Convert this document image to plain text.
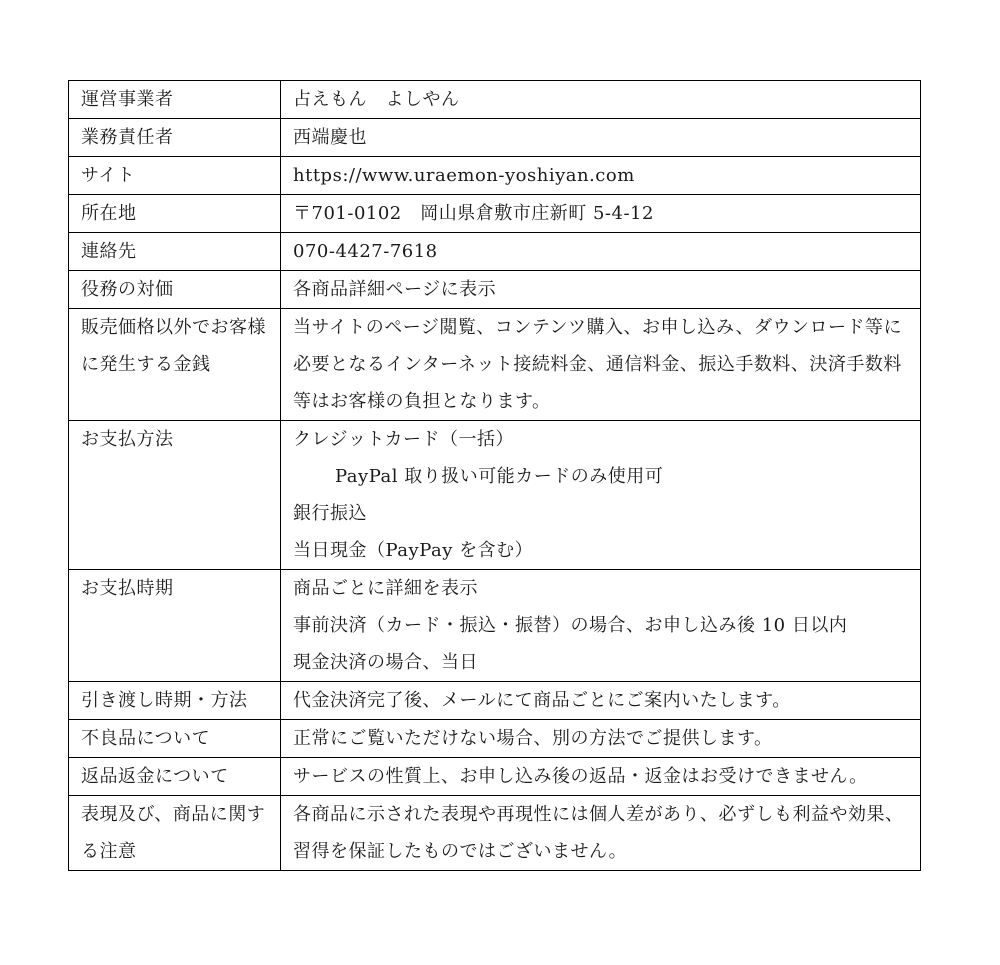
運営事業者	占えもん　よしやん

業務責任者	西端慶也

サイト	https://www.uraemon-yoshiyan.com

所在地	〒701-0102　岡山県倉敷市庄新町 5-4-12

連絡先	070-4427-7618

役務の対価	各商品詳細ページに表示

販売価格以外でお客様に発生する金銭	当サイトのページ閲覧、コンテンツ購入、お申し込み、ダウンロード等に必要となるインターネット接続料金、通信料金、振込手数料、決済手数料等はお客様の負担となります。

お支払方法	クレジットカード（一括）
PayPal 取り扱い可能カードのみ使用可
銀行振込
当日現金（PayPay を含む）

お支払時期	商品ごとに詳細を表示
事前決済（カード・振込・振替）の場合、お申し込み後 10 日以内
現金決済の場合、当日

引き渡し時期・方法	代金決済完了後、メールにて商品ごとにご案内いたします。

不良品について	正常にご覧いただけない場合、別の方法でご提供します。

返品返金について	サービスの性質上、お申し込み後の返品・返金はお受けできません。

表現及び、商品に関する注意	各商品に示された表現や再現性には個人差があり、必ずしも利益や効果、習得を保証したものではございません。
